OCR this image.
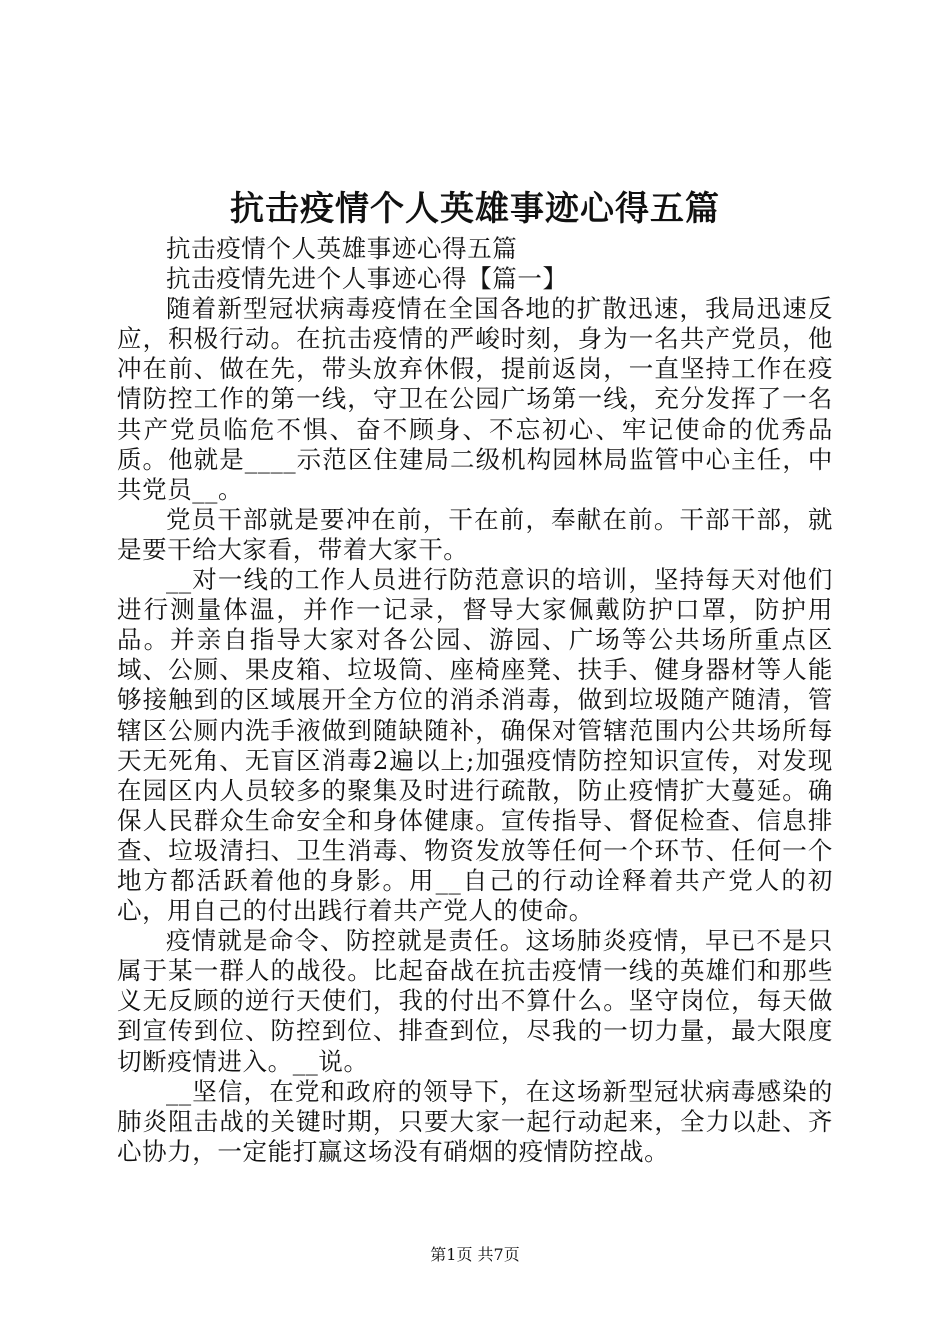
抗击疫情个人英雄事迹心得五篇

抗击疫情个人英雄事迹心得五篇

抗击疫情先进个人事迹心得【篇一】

随着新型冠状病毒疫情在全国各地的扩散迅速，我局迅速反应，积极行动。在抗击疫情的严峻时刻，身为一名共产党员，他冲在前、做在先，带头放弃休假，提前返岗，一直坚持工作在疫情防控工作的第一线，守卫在公园广场第一线，充分发挥了一名共产党员临危不惧、奋不顾身、不忘初心、牢记使命的优秀品质。他就是____示范区住建局二级机构园林局监管中心主任，中共党员__。

党员干部就是要冲在前，干在前，奉献在前。干部干部，就是要干给大家看，带着大家干。

__对一线的工作人员进行防范意识的培训，坚持每天对他们进行测量体温，并作一记录，督导大家佩戴防护口罩，防护用品。并亲自指导大家对各公园、游园、广场等公共场所重点区域、公厕、果皮箱、垃圾筒、座椅座凳、扶手、健身器材等人能够接触到的区域展开全方位的消杀消毒，做到垃圾随产随清，管辖区公厕内洗手液做到随缺随补，确保对管辖范围内公共场所每天无死角、无盲区消毒2遍以上;加强疫情防控知识宣传，对发现在园区内人员较多的聚集及时进行疏散，防止疫情扩大蔓延。确保人民群众生命安全和身体健康。宣传指导、督促检查、信息排查、垃圾清扫、卫生消毒、物资发放等任何一个环节、任何一个地方都活跃着他的身影。用__自己的行动诠释着共产党人的初心，用自己的付出践行着共产党人的使命。

疫情就是命令、防控就是责任。这场肺炎疫情，早已不是只属于某一群人的战役。比起奋战在抗击疫情一线的英雄们和那些义无反顾的逆行天使们，我的付出不算什么。坚守岗位，每天做到宣传到位、防控到位、排查到位，尽我的一切力量，最大限度切断疫情进入。__说。

__坚信，在党和政府的领导下，在这场新型冠状病毒感染的肺炎阻击战的关键时期，只要大家一起行动起来，全力以赴、齐心协力，一定能打赢这场没有硝烟的疫情防控战。

第1页 共7页
